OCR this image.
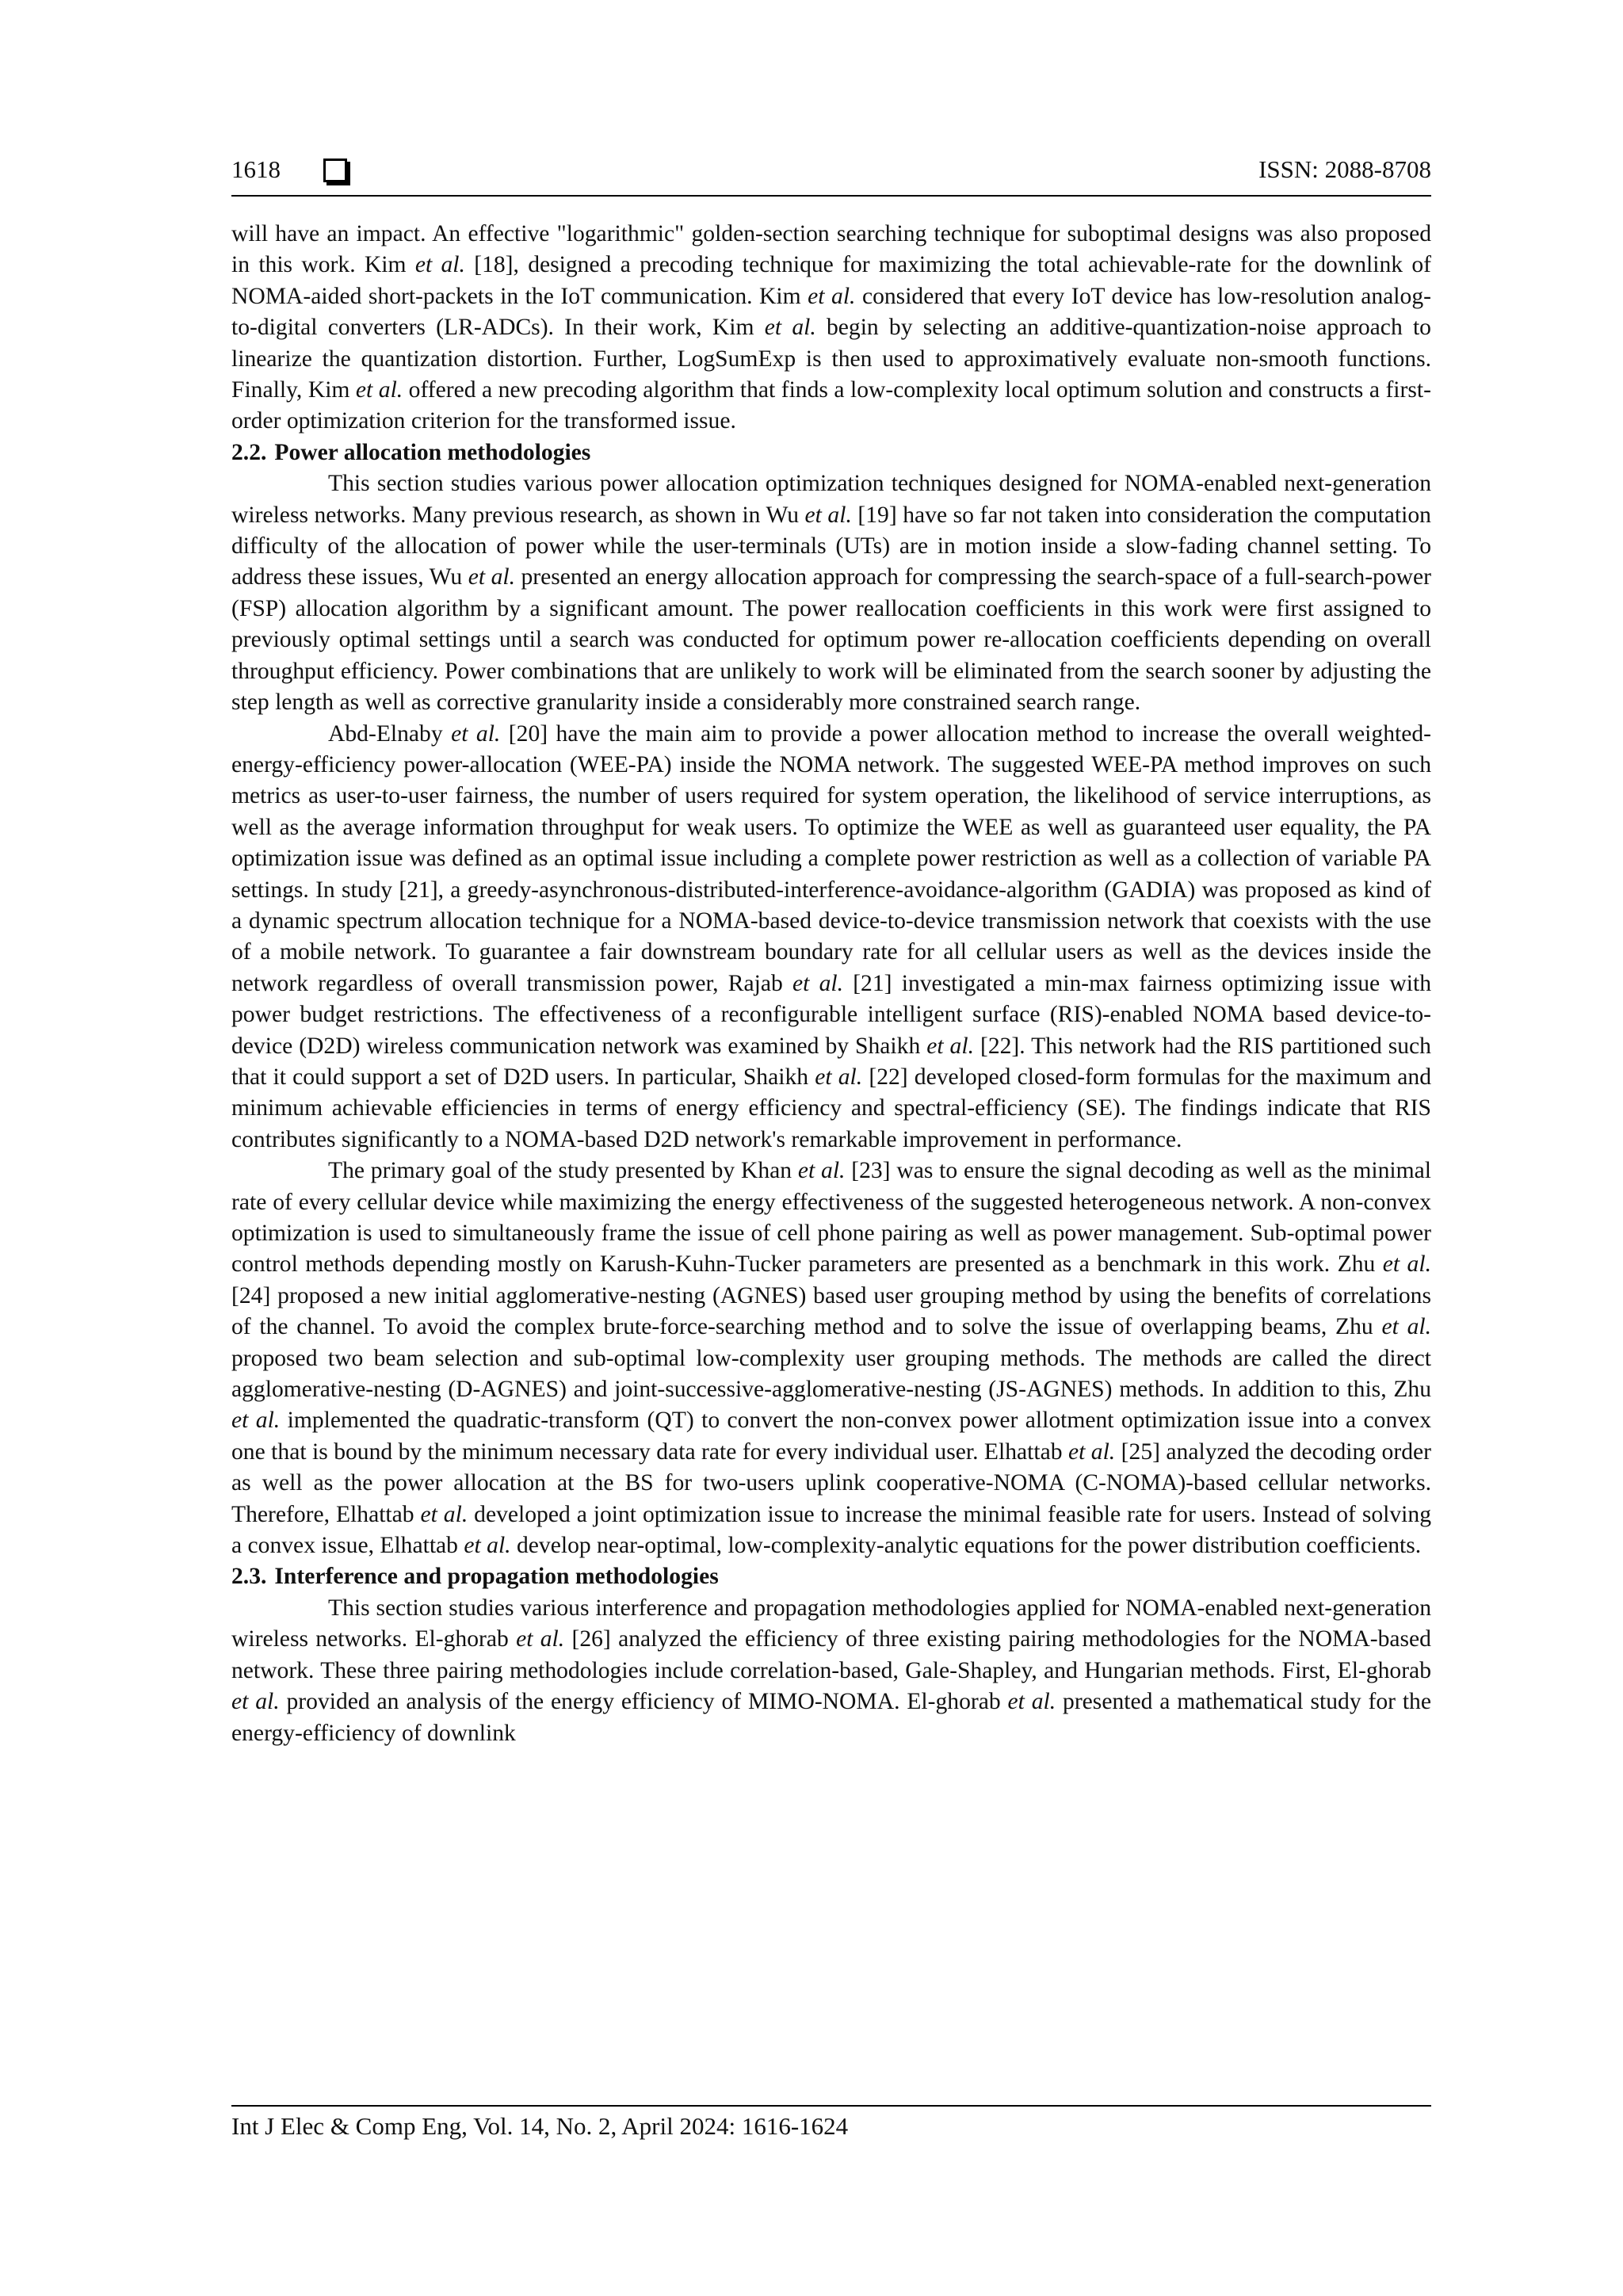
1618	ISSN: 2088-8708

will have an impact. An effective "logarithmic" golden-section searching technique for suboptimal designs was also proposed in this work. Kim et al. [18], designed a precoding technique for maximizing the total achievable-rate for the downlink of NOMA-aided short-packets in the IoT communication. Kim et al. considered that every IoT device has low-resolution analog-to-digital converters (LR-ADCs). In their work, Kim et al. begin by selecting an additive-quantization-noise approach to linearize the quantization distortion. Further, LogSumExp is then used to approximatively evaluate non-smooth functions. Finally, Kim et al. offered a new precoding algorithm that finds a low-complexity local optimum solution and constructs a first-order optimization criterion for the transformed issue.

2.2. Power allocation methodologies

This section studies various power allocation optimization techniques designed for NOMA-enabled next-generation wireless networks. Many previous research, as shown in Wu et al. [19] have so far not taken into consideration the computation difficulty of the allocation of power while the user-terminals (UTs) are in motion inside a slow-fading channel setting. To address these issues, Wu et al. presented an energy allocation approach for compressing the search-space of a full-search-power (FSP) allocation algorithm by a significant amount. The power reallocation coefficients in this work were first assigned to previously optimal settings until a search was conducted for optimum power re-allocation coefficients depending on overall throughput efficiency. Power combinations that are unlikely to work will be eliminated from the search sooner by adjusting the step length as well as corrective granularity inside a considerably more constrained search range.

Abd-Elnaby et al. [20] have the main aim to provide a power allocation method to increase the overall weighted-energy-efficiency power-allocation (WEE-PA) inside the NOMA network. The suggested WEE-PA method improves on such metrics as user-to-user fairness, the number of users required for system operation, the likelihood of service interruptions, as well as the average information throughput for weak users. To optimize the WEE as well as guaranteed user equality, the PA optimization issue was defined as an optimal issue including a complete power restriction as well as a collection of variable PA settings. In study [21], a greedy-asynchronous-distributed-interference-avoidance-algorithm (GADIA) was proposed as kind of a dynamic spectrum allocation technique for a NOMA-based device-to-device transmission network that coexists with the use of a mobile network. To guarantee a fair downstream boundary rate for all cellular users as well as the devices inside the network regardless of overall transmission power, Rajab et al. [21] investigated a min-max fairness optimizing issue with power budget restrictions. The effectiveness of a reconfigurable intelligent surface (RIS)-enabled NOMA based device-to-device (D2D) wireless communication network was examined by Shaikh et al. [22]. This network had the RIS partitioned such that it could support a set of D2D users. In particular, Shaikh et al. [22] developed closed-form formulas for the maximum and minimum achievable efficiencies in terms of energy efficiency and spectral-efficiency (SE). The findings indicate that RIS contributes significantly to a NOMA-based D2D network's remarkable improvement in performance.

The primary goal of the study presented by Khan et al. [23] was to ensure the signal decoding as well as the minimal rate of every cellular device while maximizing the energy effectiveness of the suggested heterogeneous network. A non-convex optimization is used to simultaneously frame the issue of cell phone pairing as well as power management. Sub-optimal power control methods depending mostly on Karush-Kuhn-Tucker parameters are presented as a benchmark in this work. Zhu et al. [24] proposed a new initial agglomerative-nesting (AGNES) based user grouping method by using the benefits of correlations of the channel. To avoid the complex brute-force-searching method and to solve the issue of overlapping beams, Zhu et al. proposed two beam selection and sub-optimal low-complexity user grouping methods. The methods are called the direct agglomerative-nesting (D-AGNES) and joint-successive-agglomerative-nesting (JS-AGNES) methods. In addition to this, Zhu et al. implemented the quadratic-transform (QT) to convert the non-convex power allotment optimization issue into a convex one that is bound by the minimum necessary data rate for every individual user. Elhattab et al. [25] analyzed the decoding order as well as the power allocation at the BS for two-users uplink cooperative-NOMA (C-NOMA)-based cellular networks. Therefore, Elhattab et al. developed a joint optimization issue to increase the minimal feasible rate for users. Instead of solving a convex issue, Elhattab et al. develop near-optimal, low-complexity-analytic equations for the power distribution coefficients.

2.3. Interference and propagation methodologies

This section studies various interference and propagation methodologies applied for NOMA-enabled next-generation wireless networks. El-ghorab et al. [26] analyzed the efficiency of three existing pairing methodologies for the NOMA-based network. These three pairing methodologies include correlation-based, Gale-Shapley, and Hungarian methods. First, El-ghorab et al. provided an analysis of the energy efficiency of MIMO-NOMA. El-ghorab et al. presented a mathematical study for the energy-efficiency of downlink

Int J Elec & Comp Eng, Vol. 14, No. 2, April 2024: 1616-1624
